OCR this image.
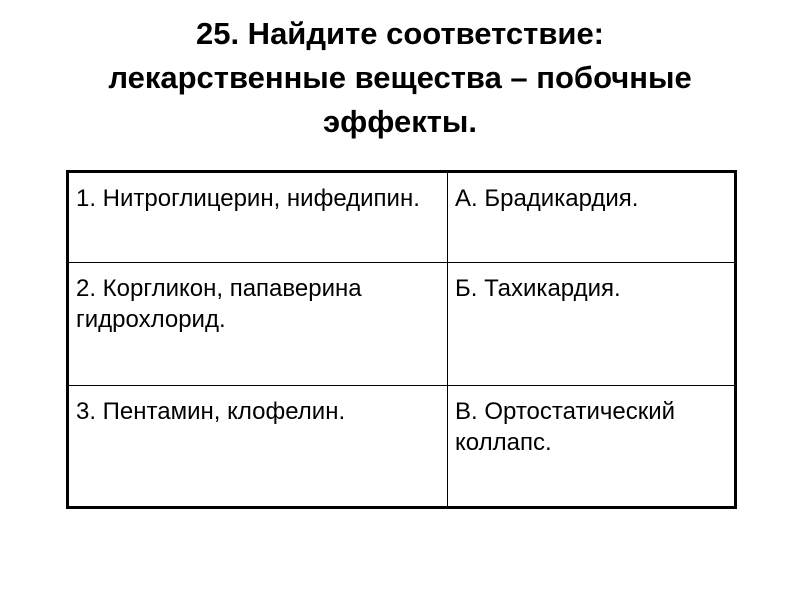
25. Найдите соответствие:
лекарственные вещества – побочные
эффекты.
1. Нитроглицерин, нифедипин.	А. Брадикардия.
2. Коргликон, папаверина гидрохлорид.	Б. Тахикардия.
3. Пентамин, клофелин.	В. Ортостатический коллапс.
